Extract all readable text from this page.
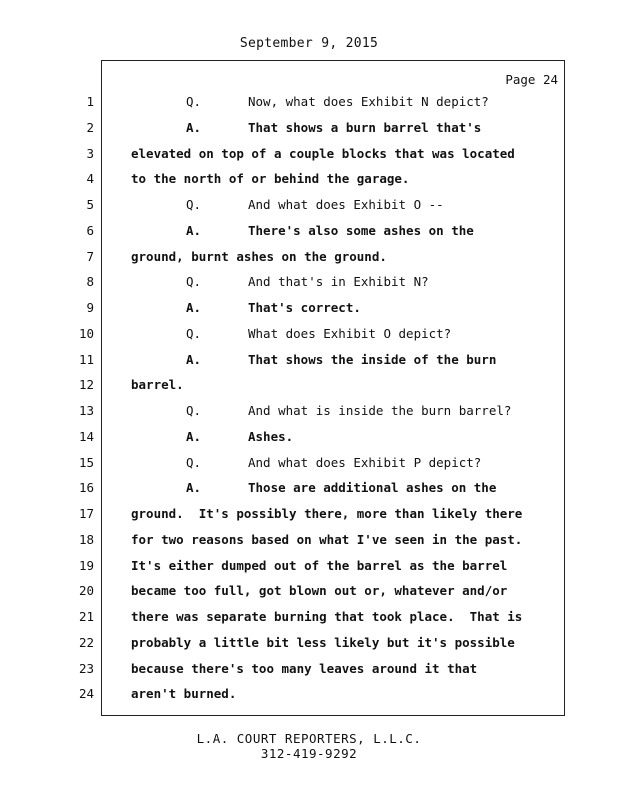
September 9, 2015
Page 24
1	Q.	Now, what does Exhibit N depict?
2	A.	That shows a burn barrel that's
3	elevated on top of a couple blocks that was located
4	to the north of or behind the garage.
5	Q.	And what does Exhibit O --
6	A.	There's also some ashes on the
7	ground, burnt ashes on the ground.
8	Q.	And that's in Exhibit N?
9	A.	That's correct.
10	Q.	What does Exhibit O depict?
11	A.	That shows the inside of the burn
12	barrel.
13	Q.	And what is inside the burn barrel?
14	A.	Ashes.
15	Q.	And what does Exhibit P depict?
16	A.	Those are additional ashes on the
17	ground.  It's possibly there, more than likely there
18	for two reasons based on what I've seen in the past.
19	It's either dumped out of the barrel as the barrel
20	became too full, got blown out or, whatever and/or
21	there was separate burning that took place.  That is
22	probably a little bit less likely but it's possible
23	because there's too many leaves around it that
24	aren't burned.
L.A. COURT REPORTERS, L.L.C.
312-419-9292
